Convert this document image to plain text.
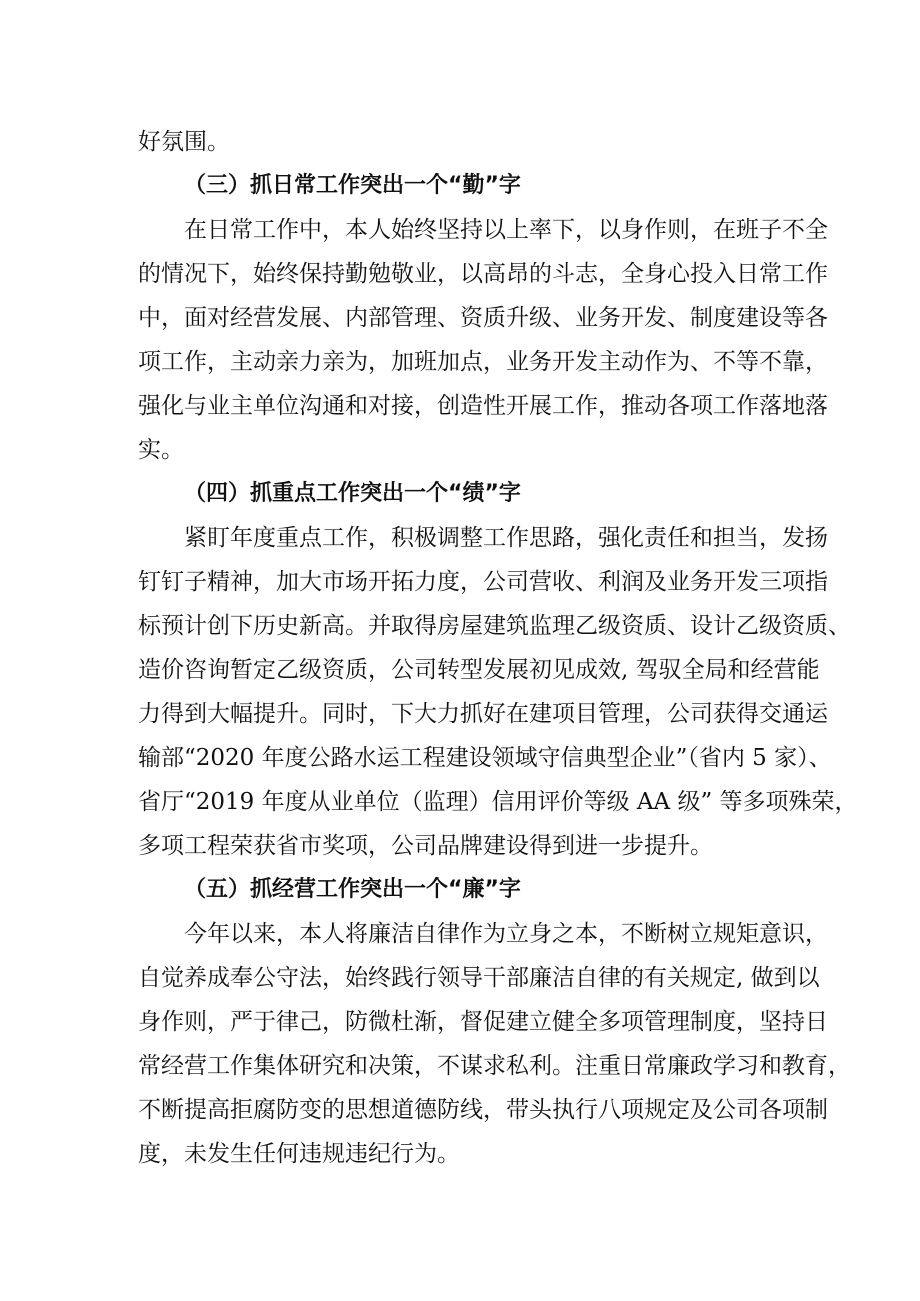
好氛围。
（三）抓日常工作突出一个“勤”字
在日常工作中，本人始终坚持以上率下，以身作则，在班子不全
的情况下，始终保持勤勉敬业，以高昂的斗志，全身心投入日常工作
中，面对经营发展、内部管理、资质升级、业务开发、制度建设等各
项工作，主动亲力亲为，加班加点，业务开发主动作为、不等不靠，
强化与业主单位沟通和对接，创造性开展工作，推动各项工作落地落
实。
（四）抓重点工作突出一个“绩”字
紧盯年度重点工作，积极调整工作思路，强化责任和担当，发扬
钉钉子精神，加大市场开拓力度，公司营收、利润及业务开发三项指
标预计创下历史新高。并取得房屋建筑监理乙级资质、设计乙级资质、
造价咨询暂定乙级资质，公司转型发展初见成效, 驾驭全局和经营能
力得到大幅提升。同时，下大力抓好在建项目管理，公司获得交通运
输部“2020 年度公路水运工程建设领域守信典型企业”（省内 5 家）、
省厅“2019 年度从业单位（监理）信用评价等级 AA 级” 等多项殊荣，
多项工程荣获省市奖项，公司品牌建设得到进一步提升。
（五）抓经营工作突出一个“廉”字
今年以来，本人将廉洁自律作为立身之本，不断树立规矩意识，
自觉养成奉公守法，始终践行领导干部廉洁自律的有关规定, 做到以
身作则，严于律己，防微杜渐，督促建立健全多项管理制度，坚持日
常经营工作集体研究和决策，不谋求私利。注重日常廉政学习和教育，
不断提高拒腐防变的思想道德防线，带头执行八项规定及公司各项制
度，未发生任何违规违纪行为。
